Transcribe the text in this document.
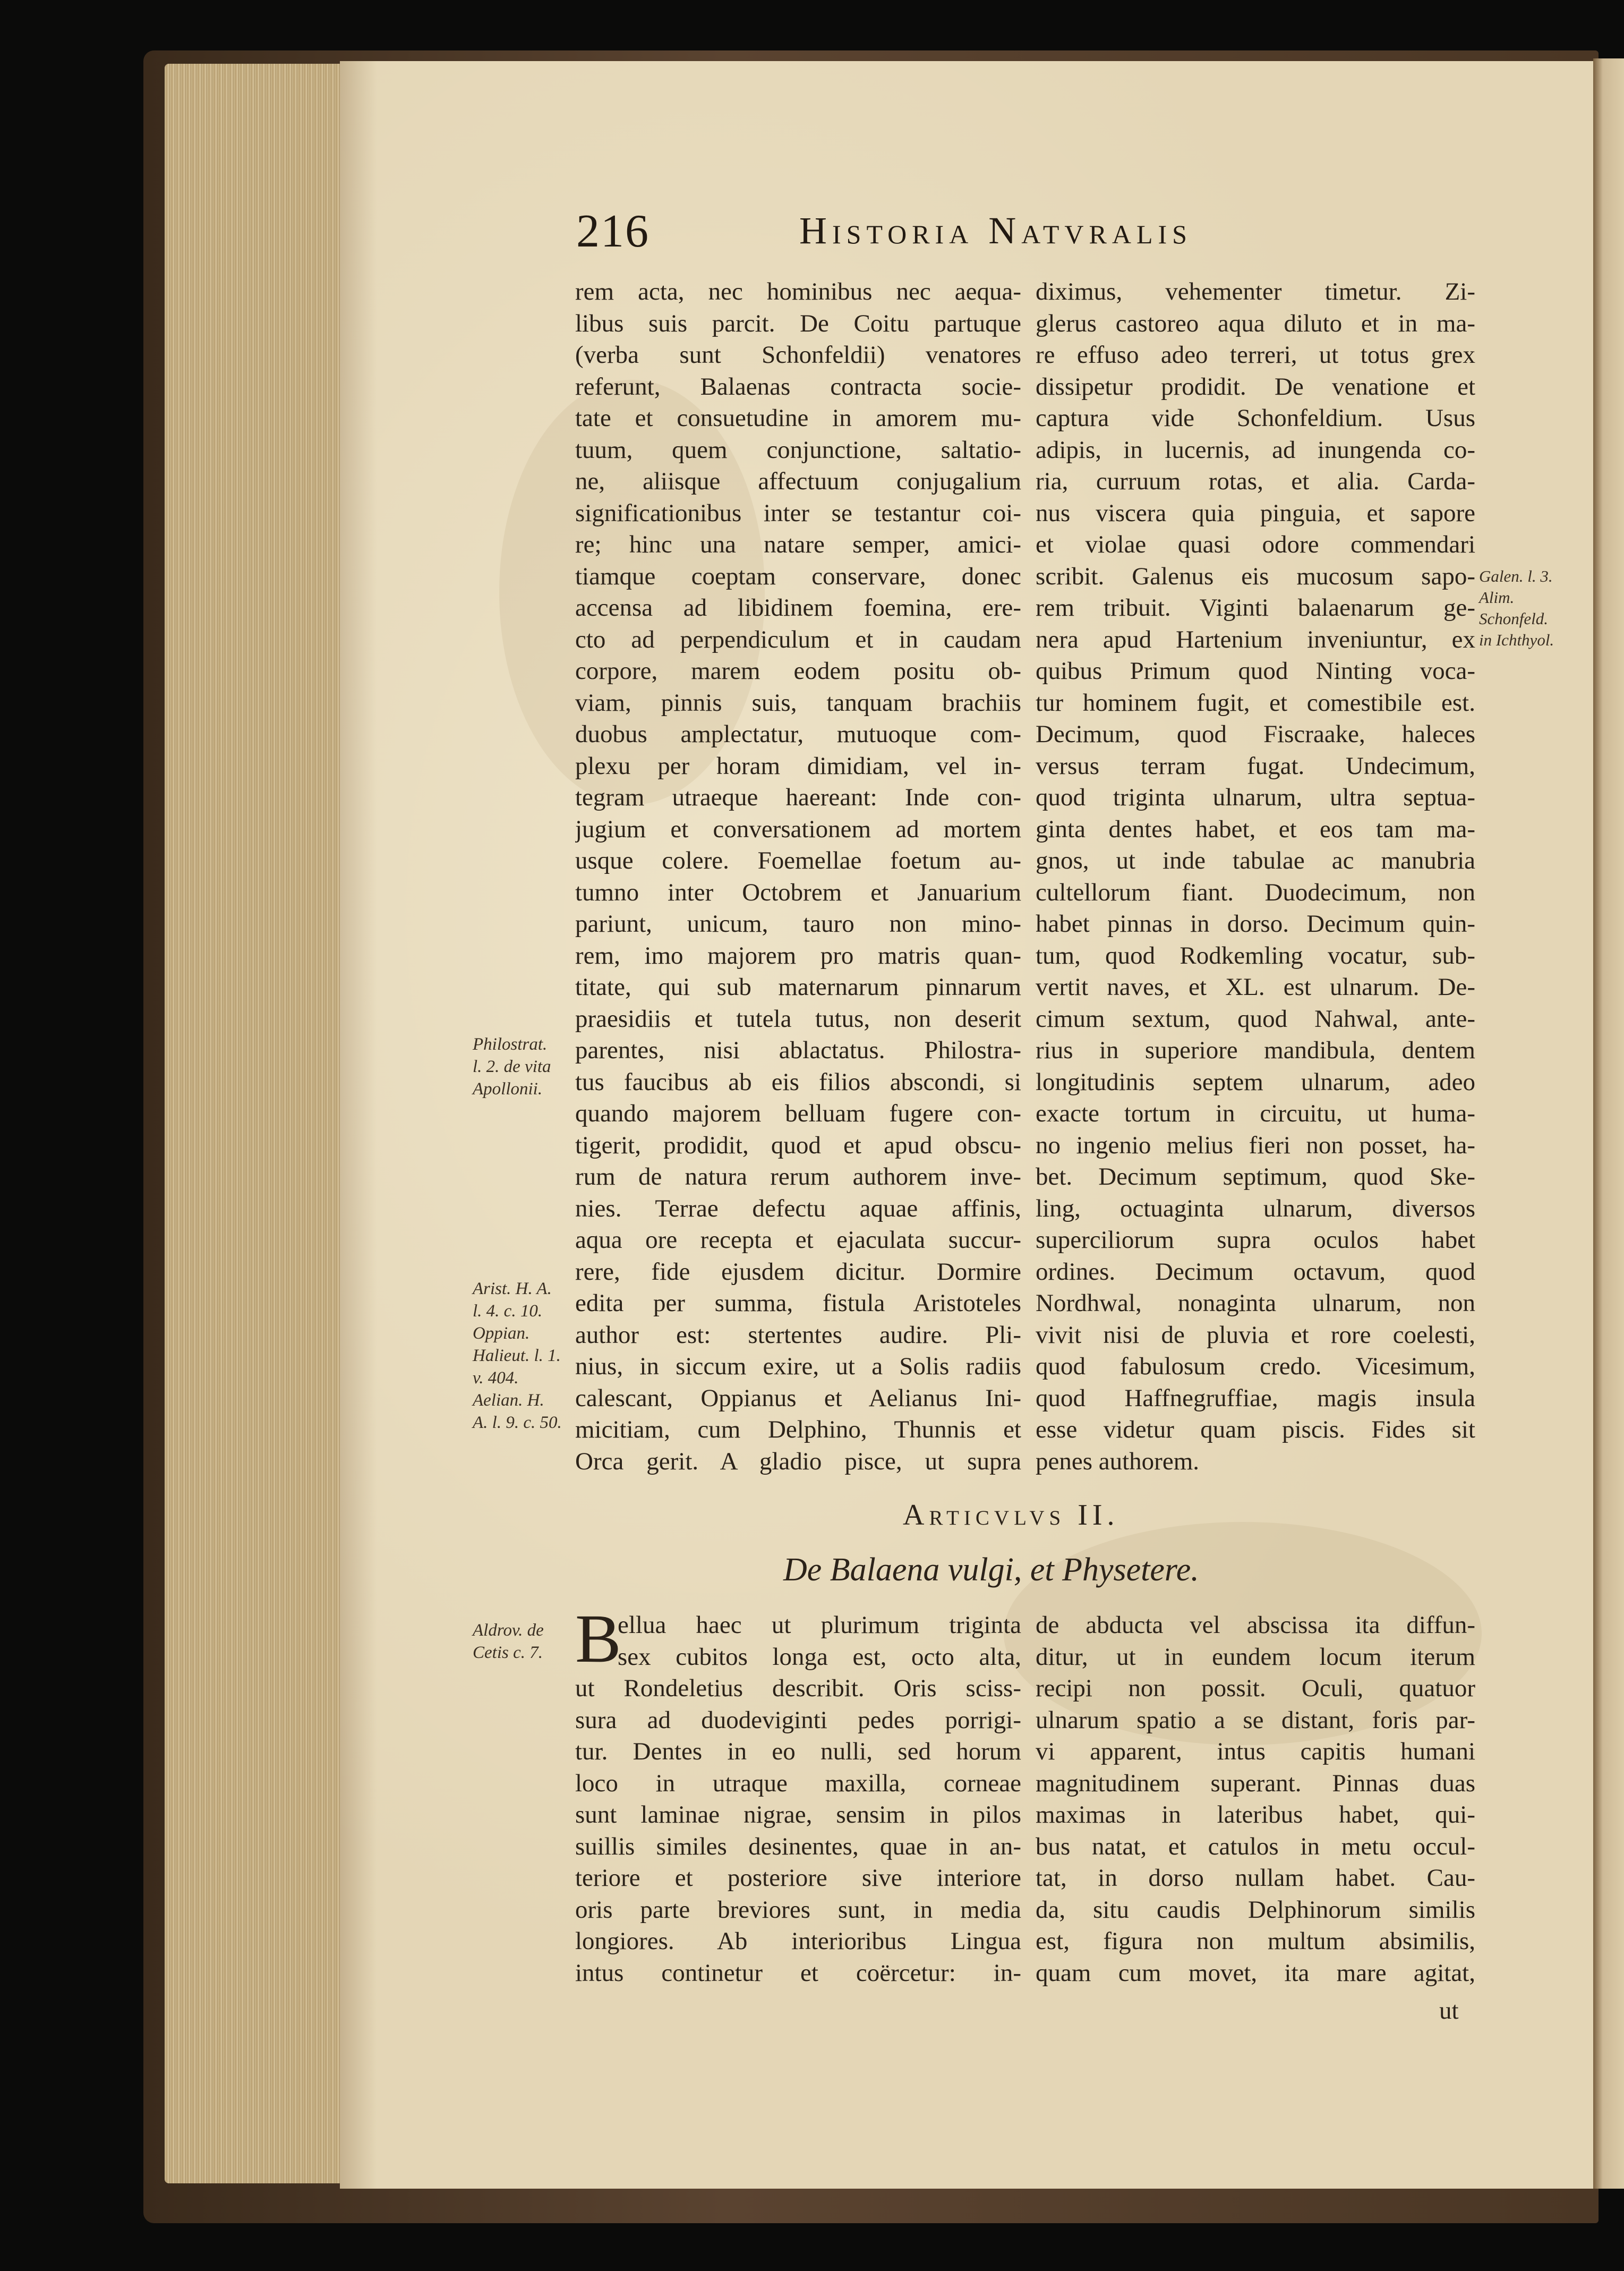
216	Historia Natvralis
rem acta, nec hominibus nec aequa-
libus suis parcit. De Coitu partuque
(verba sunt Schonfeldii) venatores
referunt, Balaenas contracta socie-
tate et consuetudine in amorem mu-
tuum, quem conjunctione, saltatio-
ne, aliisque affectuum conjugalium
significationibus inter se testantur coi-
re; hinc una natare semper, amici-
tiamque coeptam conservare, donec
accensa ad libidinem foemina, ere-
cto ad perpendiculum et in caudam
corpore, marem eodem positu ob-
viam, pinnis suis, tanquam brachiis
duobus amplectatur, mutuoque com-
plexu per horam dimidiam, vel in-
tegram utraeque haereant: Inde con-
jugium et conversationem ad mortem
usque colere. Foemellae foetum au-
tumno inter Octobrem et Januarium
pariunt, unicum, tauro non mino-
rem, imo majorem pro matris quan-
titate, qui sub maternarum pinnarum
praesidiis et tutela tutus, non deserit
parentes, nisi ablactatus. Philostra-
tus faucibus ab eis filios abscondi, si
quando majorem belluam fugere con-
tigerit, prodidit, quod et apud obscu-
rum de natura rerum authorem inve-
nies. Terrae defectu aquae affinis,
aqua ore recepta et ejaculata succur-
rere, fide ejusdem dicitur. Dormire
edita per summa, fistula Aristoteles
author est: stertentes audire. Pli-
nius, in siccum exire, ut a Solis radiis
calescant, Oppianus et Aelianus Ini-
micitiam, cum Delphino, Thunnis et
Orca gerit. A gladio pisce, ut supra
diximus, vehementer timetur. Zi-
glerus castoreo aqua diluto et in ma-
re effuso adeo terreri, ut totus grex
dissipetur prodidit. De venatione et
captura vide Schonfeldium. Usus
adipis, in lucernis, ad inungenda co-
ria, curruum rotas, et alia. Carda-
nus viscera quia pinguia, et sapore
et violae quasi odore commendari
scribit. Galenus eis mucosum sapo-
rem tribuit. Viginti balaenarum ge-
nera apud Hartenium inveniuntur, ex
quibus Primum quod Ninting voca-
tur hominem fugit, et comestibile est.
Decimum, quod Fiscraake, haleces
versus terram fugat. Undecimum,
quod triginta ulnarum, ultra septua-
ginta dentes habet, et eos tam ma-
gnos, ut inde tabulae ac manubria
cultellorum fiant. Duodecimum, non
habet pinnas in dorso. Decimum quin-
tum, quod Rodkemling vocatur, sub-
vertit naves, et XL. est ulnarum. De-
cimum sextum, quod Nahwal, ante-
rius in superiore mandibula, dentem
longitudinis septem ulnarum, adeo
exacte tortum in circuitu, ut huma-
no ingenio melius fieri non posset, ha-
bet. Decimum septimum, quod Ske-
ling, octuaginta ulnarum, diversos
superciliorum supra oculos habet
ordines. Decimum octavum, quod
Nordhwal, nonaginta ulnarum, non
vivit nisi de pluvia et rore coelesti,
quod fabulosum credo. Vicesimum,
quod Haffnegruffiae, magis insula
esse videtur quam piscis. Fides sit
penes authorem.
Philostrat.
l. 2. de vita
Apollonii.
Arist. H. A.
l. 4. c. 10.
Oppian.
Halieut. l. 1.
v. 404.
Aelian. H.
A. l. 9. c. 50.
Galen. l. 3.
Alim.
Schonfeld.
in Ichthyol.
Aldrov. de
Cetis c. 7.
Articvlvs II.
De Balaena vulgi, et Physetere.
B
ellua haec ut plurimum triginta
sex cubitos longa est, octo alta,
ut Rondeletius describit. Oris sciss-
sura ad duodeviginti pedes porrigi-
tur. Dentes in eo nulli, sed horum
loco in utraque maxilla, corneae
sunt laminae nigrae, sensim in pilos
suillis similes desinentes, quae in an-
teriore et posteriore sive interiore
oris parte breviores sunt, in media
longiores. Ab interioribus Lingua
intus continetur et coërcetur: in-
de abducta vel abscissa ita diffun-
ditur, ut in eundem locum iterum
recipi non possit. Oculi, quatuor
ulnarum spatio a se distant, foris par-
vi apparent, intus capitis humani
magnitudinem superant. Pinnas duas
maximas in lateribus habet, qui-
bus natat, et catulos in metu occul-
tat, in dorso nullam habet. Cau-
da, situ caudis Delphinorum similis
est, figura non multum absimilis,
quam cum movet, ita mare agitat,
ut
